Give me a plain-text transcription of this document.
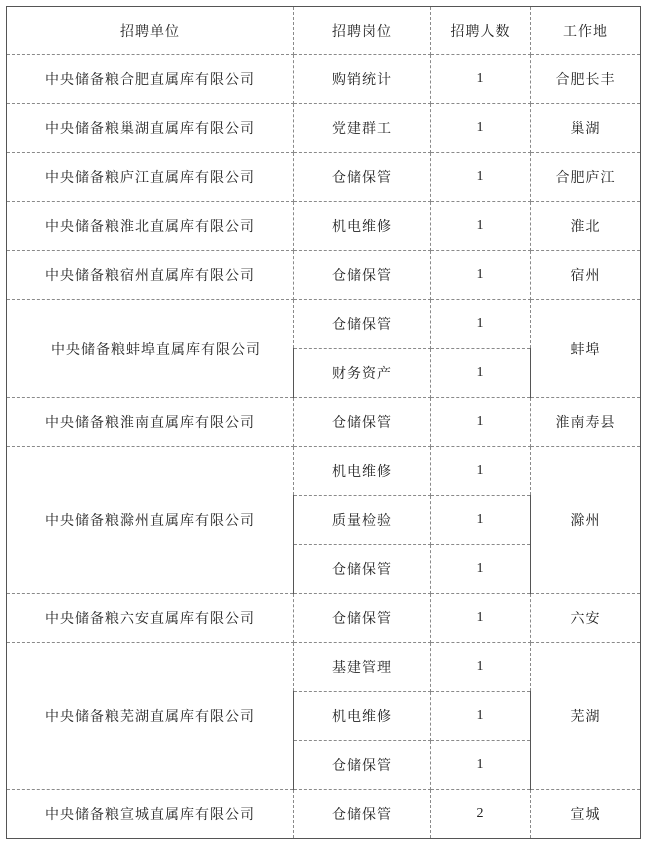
招聘单位	招聘岗位	招聘人数	工作地
中央储备粮合肥直属库有限公司	购销统计	1	合肥长丰
中央储备粮巢湖直属库有限公司	党建群工	1	巢湖
中央储备粮庐江直属库有限公司	仓储保管	1	合肥庐江
中央储备粮淮北直属库有限公司	机电维修	1	淮北
中央储备粮宿州直属库有限公司	仓储保管	1	宿州
中央储备粮蚌埠直属库有限公司	仓储保管	1	蚌埠
	财务资产	1	
中央储备粮淮南直属库有限公司	仓储保管	1	淮南寿县
中央储备粮滁州直属库有限公司	机电维修	1	滁州
	质量检验	1	
	仓储保管	1	
中央储备粮六安直属库有限公司	仓储保管	1	六安
中央储备粮芜湖直属库有限公司	基建管理	1	芜湖
	机电维修	1	
	仓储保管	1	
中央储备粮宣城直属库有限公司	仓储保管	2	宣城
